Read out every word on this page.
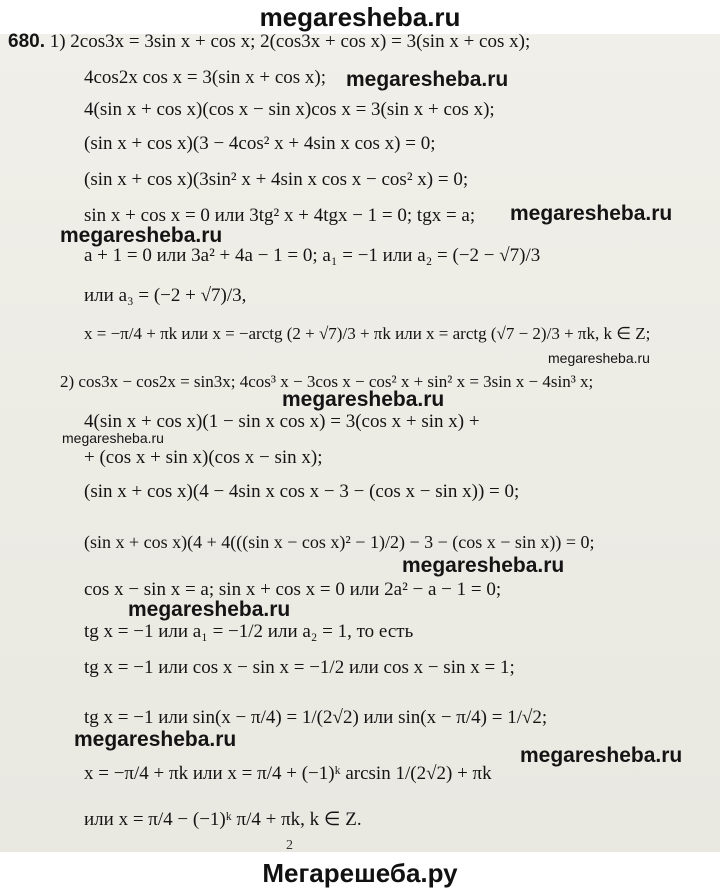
megaresheba.ru
680. 1) 2cos3x = 3sin x + cos x; 2(cos3x + cos x) = 3(sin x + cos x);
4cos2x cos x = 3(sin x + cos x);
4(sin x + cos x)(cos x − sin x)cos x = 3(sin x + cos x);
(sin x + cos x)(3 − 4cos² x + 4sin x cos x) = 0;
(sin x + cos x)(3sin² x + 4sin x cos x − cos² x) = 0;
sin x + cos x = 0 или 3tg² x + 4tgx − 1 = 0; tgx = a;
a + 1 = 0 или 3a² + 4a − 1 = 0; a₁ = −1 или a₂ = (−2 − √7)/3
или a₃ = (−2 + √7)/3,
x = −π/4 + πk или x = −arctg (2 + √7)/3 + πk или x = arctg (√7 − 2)/3 + πk, k ∈ Z;
2) cos3x − cos2x = sin3x; 4cos³ x − 3cos x − cos² x + sin² x = 3sin x − 4sin³ x;
4(sin x + cos x)(1 − sin x cos x) = 3(cos x + sin x) +
+ (cos x + sin x)(cos x − sin x);
(sin x + cos x)(4 − 4sin x cos x − 3 − (cos x − sin x)) = 0;
(sin x + cos x)(4 + 4(((sin x − cos x)² − 1)/2) − 3 − (cos x − sin x)) = 0;
cos x − sin x = a; sin x + cos x = 0 или 2a² − a − 1 = 0;
tg x = −1 или a₁ = −1/2 или a₂ = 1, то есть
tg x = −1 или cos x − sin x = −1/2 или cos x − sin x = 1;
tg x = −1 или sin(x − π/4) = 1/(2√2) или sin(x − π/4) = 1/√2;
x = −π/4 + πk или x = π/4 + (−1)ᵏ arcsin 1/(2√2) + πk
или x = π/4 − (−1)ᵏ π/4 + πk, k ∈ Z.
megaresheba.ru
megaresheba.ru
megaresheba.ru
megaresheba.ru
megaresheba.ru
megaresheba.ru
megaresheba.ru
megaresheba.ru
megaresheba.ru
megaresheba.ru
2
Мегарешеба.ру
